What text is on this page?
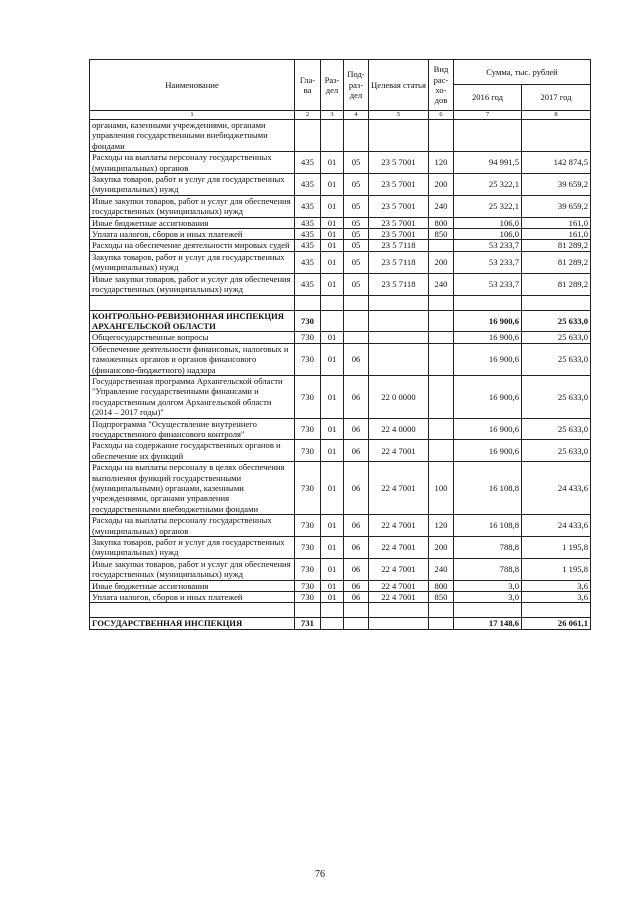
Наименование	Гла-ва	Раз-дел	Под-раз-дел	Целевая статья	Вид рас-хо-дов	Сумма, тыс. рублей	
						2016 год	2017 год
1	2	3	4	5	6	7	8
органами, казенными учреждениями, органами управления государственными внебюджетными фондами							
Расходы на выплаты персоналу государственных (муниципальных) органов	435	01	05	23 5 7001	120	94 991,5	142 874,5
Закупка товаров, работ и услуг для государственных (муниципальных) нужд	435	01	05	23 5 7001	200	25 322,1	39 659,2
Иные закупки товаров, работ и услуг для обеспечения государственных (муниципальных) нужд	435	01	05	23 5 7001	240	25 322,1	39 659,2
Иные бюджетные ассигнования	435	01	05	23 5 7001	800	106,0	161,0
Уплата налогов, сборов и иных платежей	435	01	05	23 5 7001	850	106,0	161,0
Расходы на обеспечение деятельности мировых судей	435	01	05	23 5 7118		53 233,7	81 289,2
Закупка товаров, работ и услуг для государственных (муниципальных) нужд	435	01	05	23 5 7118	200	53 233,7	81 289,2
Иные закупки товаров, работ и услуг для обеспечения государственных (муниципальных) нужд	435	01	05	23 5 7118	240	53 233,7	81 289,2

КОНТРОЛЬНО-РЕВИЗИОННАЯ ИНСПЕКЦИЯ АРХАНГЕЛЬСКОЙ ОБЛАСТИ	730					16 900,6	25 633,0
Общегосударственные вопросы	730	01				16 900,6	25 633,0
Обеспечение деятельности финансовых, налоговых и таможенных органов и органов финансового (финансово-бюджетного) надзора	730	01	06			16 900,6	25 633,0
Государственная программа Архангельской области "Управление государственными финансами и государственным долгом Архангельской области (2014 – 2017 годы)"	730	01	06	22 0 0000		16 900,6	25 633,0
Подпрограмма "Осуществление внутреннего государственного финансового контроля"	730	01	06	22 4 0000		16 900,6	25 633,0
Расходы на содержание государственных органов и обеспечение их функций	730	01	06	22 4 7001		16 900,6	25 633,0
Расходы на выплаты персоналу в целях обеспечения выполнения функций государственными (муниципальными) органами, казенными учреждениями, органами управления государственными внебюджетными фондами	730	01	06	22 4 7001	100	16 108,8	24 433,6
Расходы на выплаты персоналу государственных (муниципальных) органов	730	01	06	22 4 7001	120	16 108,8	24 433,6
Закупка товаров, работ и услуг для государственных (муниципальных) нужд	730	01	06	22 4 7001	200	788,8	1 195,8
Иные закупки товаров, работ и услуг для обеспечения государственных (муниципальных) нужд	730	01	06	22 4 7001	240	788,8	1 195,8
Иные бюджетные ассигнования	730	01	06	22 4 7001	800	3,0	3,6
Уплата налогов, сборов и иных платежей	730	01	06	22 4 7001	850	3,0	3,6

ГОСУДАРСТВЕННАЯ ИНСПЕКЦИЯ	731					17 148,6	26 061,1
76
